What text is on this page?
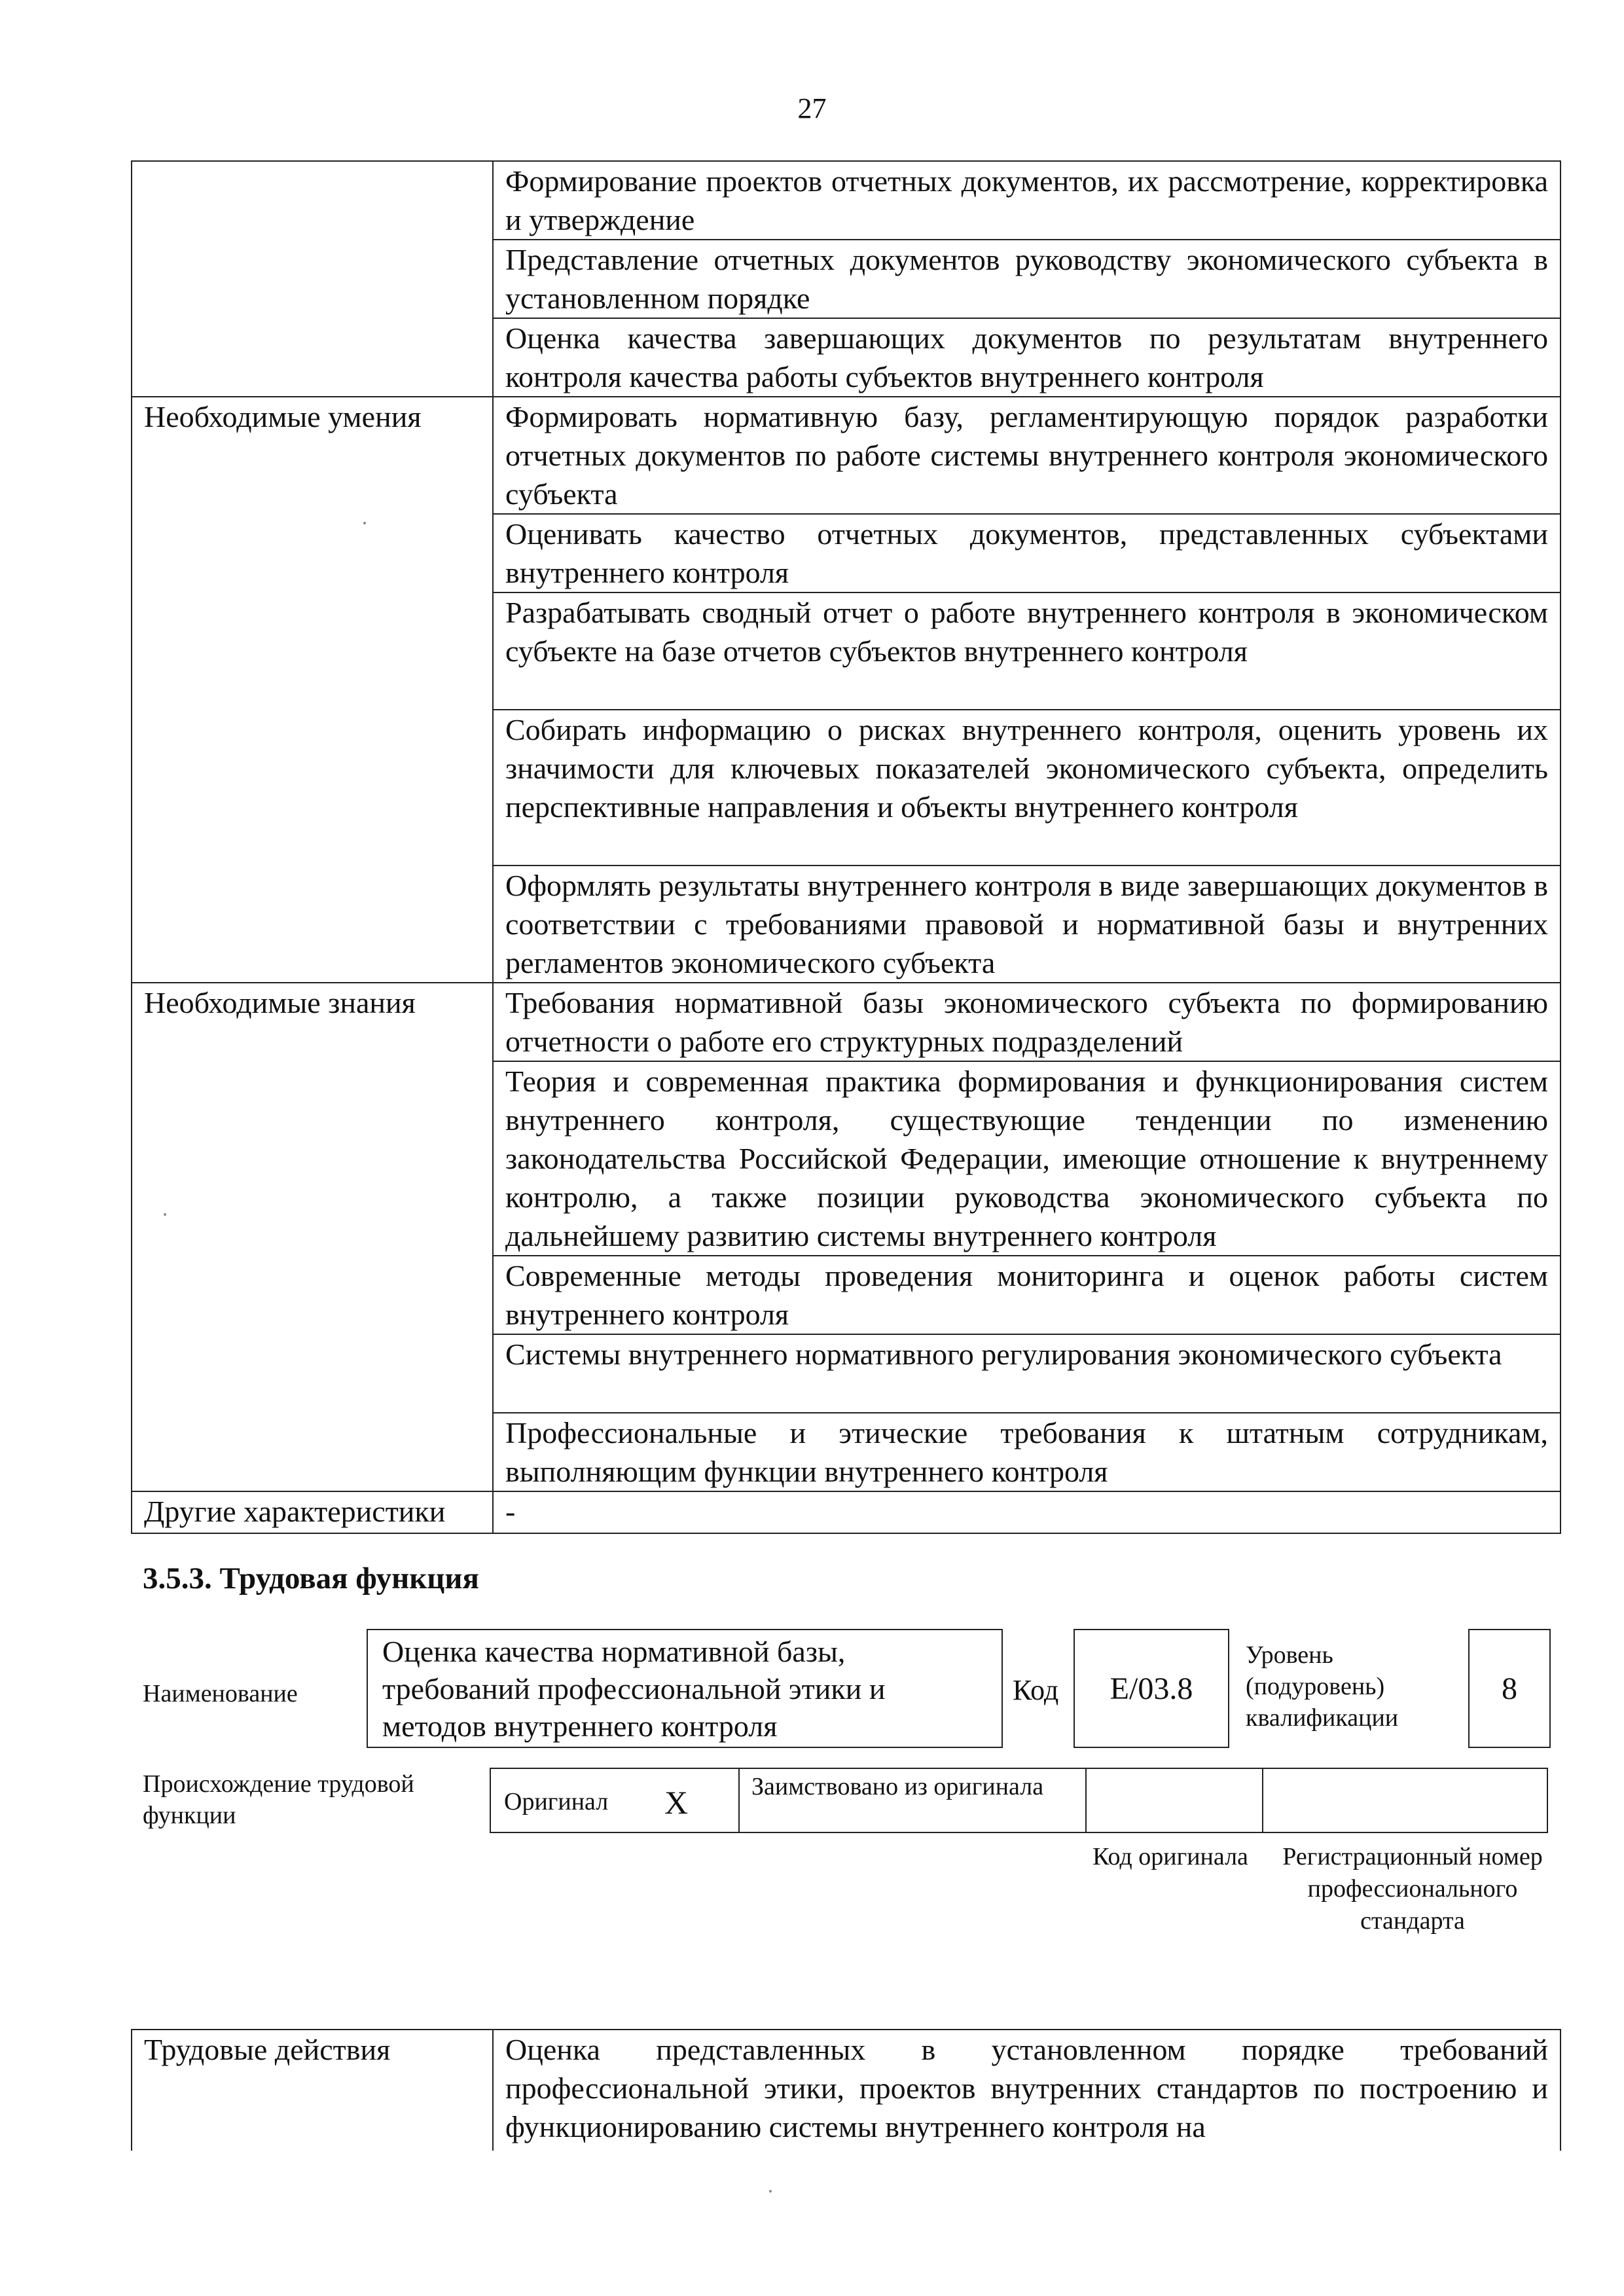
27
	Формирование проектов отчетных документов, их рассмотрение, корректировка и утверждение
	Представление отчетных документов руководству экономического субъекта в установленном порядке
	Оценка качества завершающих документов по результатам внутреннего контроля качества работы субъектов внутреннего контроля
Необходимые умения	Формировать нормативную базу, регламентирующую порядок разработки отчетных документов по работе системы внутреннего контроля экономического субъекта
	Оценивать качество отчетных документов, представленных субъектами внутреннего контроля
	Разрабатывать сводный отчет о работе внутреннего контроля в экономическом субъекте на базе отчетов субъектов внутреннего контроля
	Собирать информацию о рисках внутреннего контроля, оценить уровень их значимости для ключевых показателей экономического субъекта, определить перспективные направления и объекты внутреннего контроля
	Оформлять результаты внутреннего контроля в виде завершающих документов в соответствии с требованиями правовой и нормативной базы и внутренних регламентов экономического субъекта
Необходимые знания	Требования нормативной базы экономического субъекта по формированию отчетности о работе его структурных подразделений
	Теория и современная практика формирования и функционирования систем внутреннего контроля, существующие тенденции по изменению законодательства Российской Федерации, имеющие отношение к внутреннему контролю, а также позиции руководства экономического субъекта по дальнейшему развитию системы внутреннего контроля
	Современные методы проведения мониторинга и оценок работы систем внутреннего контроля
	Системы внутреннего нормативного регулирования экономического субъекта
	Профессиональные и этические требования к штатным сотрудникам, выполняющим функции внутреннего контроля
Другие характеристики	-
3.5.3. Трудовая функция
Наименование
Оценка качества нормативной базы, требований профессиональной этики и методов внутреннего контроля
Код	E/03.8
Уровень (подуровень) квалификации
8
Происхождение трудовой функции	Оригинал X	Заимствовано из оригинала
Код оригинала	Регистрационный номер профессионального стандарта
Трудовые действия	Оценка представленных в установленном порядке требований профессиональной этики, проектов внутренних стандартов по построению и функционированию системы внутреннего контроля на
